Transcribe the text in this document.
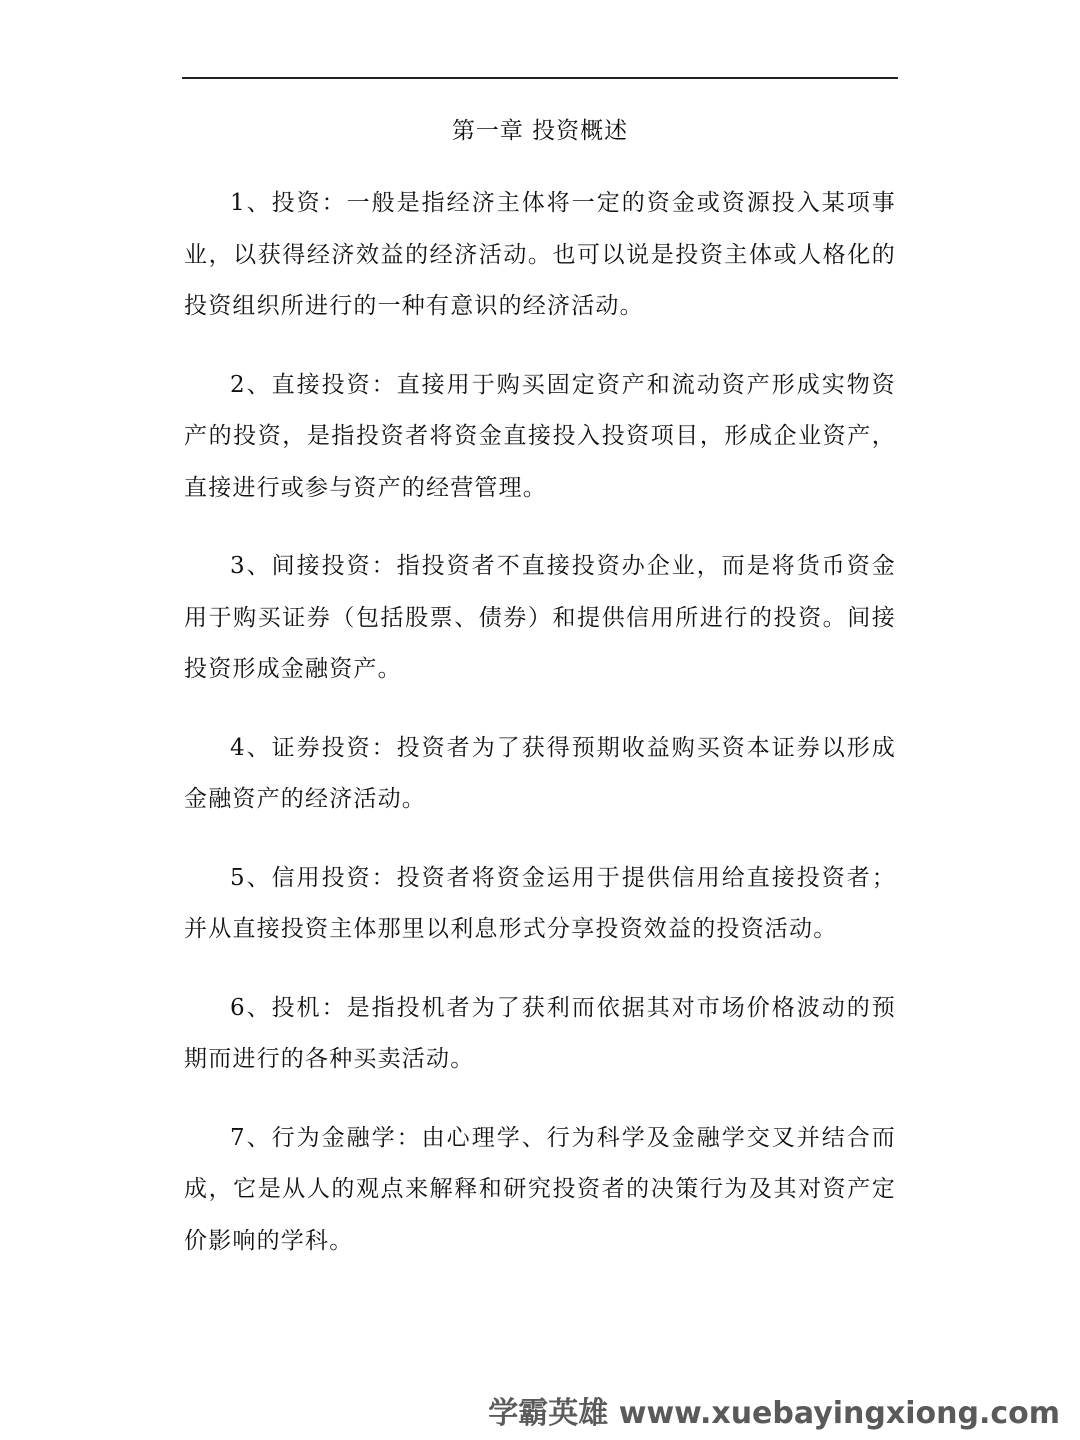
第一章 投资概述

1、投资：一般是指经济主体将一定的资金或资源投入某项事业，以获得经济效益的经济活动。也可以说是投资主体或人格化的投资组织所进行的一种有意识的经济活动。

2、直接投资：直接用于购买固定资产和流动资产形成实物资产的投资，是指投资者将资金直接投入投资项目，形成企业资产，直接进行或参与资产的经营管理。

3、间接投资：指投资者不直接投资办企业，而是将货币资金用于购买证券（包括股票、债券）和提供信用所进行的投资。间接投资形成金融资产。

4、证券投资：投资者为了获得预期收益购买资本证券以形成金融资产的经济活动。

5、信用投资：投资者将资金运用于提供信用给直接投资者；并从直接投资主体那里以利息形式分享投资效益的投资活动。

6、投机：是指投机者为了获利而依据其对市场价格波动的预期而进行的各种买卖活动。

7、行为金融学：由心理学、行为科学及金融学交叉并结合而成，它是从人的观点来解释和研究投资者的决策行为及其对资产定价影响的学科。

学霸英雄 www.xuebayingxiong.com
